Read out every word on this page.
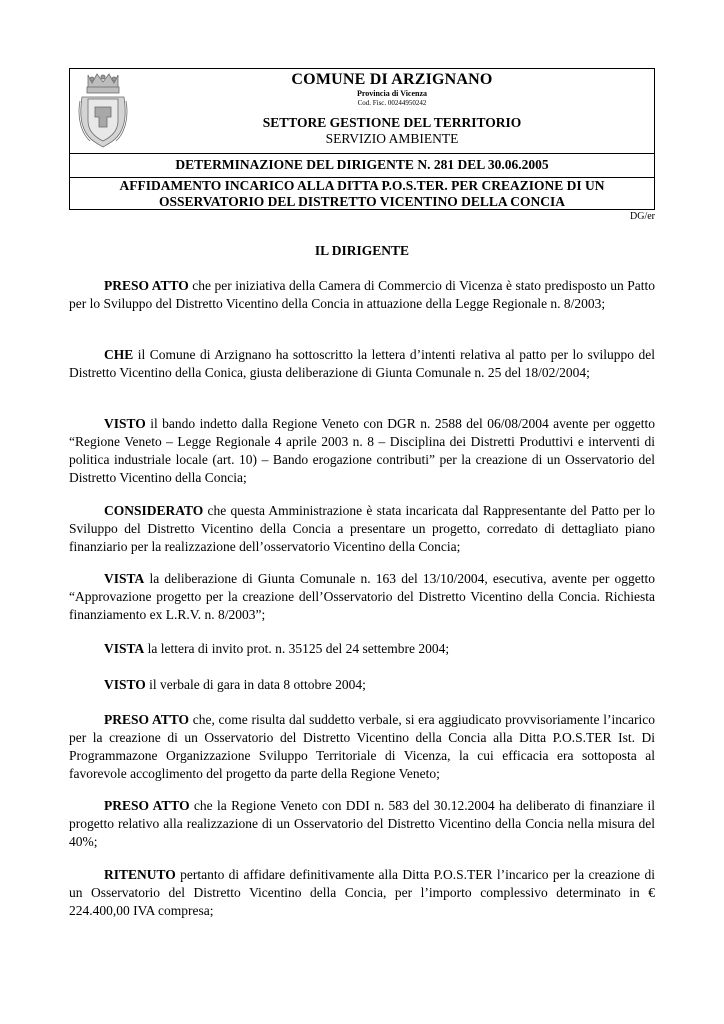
COMUNE DI ARZIGNANO
Provincia di Vicenza
Cod. Fisc. 00244950242
SETTORE GESTIONE DEL TERRITORIO
SERVIZIO AMBIENTE
DETERMINAZIONE DEL DIRIGENTE N. 281 DEL 30.06.2005
AFFIDAMENTO INCARICO ALLA DITTA P.O.S.TER. PER CREAZIONE DI UN
OSSERVATORIO DEL DISTRETTO VICENTINO DELLA CONCIA
DG/er
IL DIRIGENTE

PRESO ATTO che per iniziativa della Camera di Commercio di Vicenza è stato predisposto un Patto per lo Sviluppo del Distretto Vicentino della Concia in attuazione della Legge Regionale n. 8/2003;

CHE il Comune di Arzignano ha sottoscritto la lettera d’intenti relativa al patto per lo sviluppo del Distretto Vicentino della Conica, giusta deliberazione di Giunta Comunale n. 25 del 18/02/2004;

VISTO il bando indetto dalla Regione Veneto con DGR n. 2588 del 06/08/2004 avente per oggetto “Regione Veneto – Legge Regionale 4 aprile 2003 n. 8 – Disciplina dei Distretti Produttivi e interventi di politica industriale locale (art. 10) – Bando erogazione contributi” per la creazione di un Osservatorio del Distretto Vicentino della Concia;

CONSIDERATO che questa Amministrazione è stata incaricata dal Rappresentante del Patto per lo Sviluppo del Distretto Vicentino della Concia a presentare un progetto, corredato di dettagliato piano finanziario per la realizzazione dell’osservatorio Vicentino della Concia;

VISTA la deliberazione di Giunta Comunale n. 163 del 13/10/2004, esecutiva, avente per oggetto “Approvazione progetto per la creazione dell’Osservatorio del Distretto Vicentino della Concia. Richiesta finanziamento ex L.R.V. n. 8/2003”;

VISTA la lettera di invito prot. n. 35125 del 24 settembre 2004;

VISTO il verbale di gara in data 8 ottobre 2004;

PRESO ATTO che, come risulta dal suddetto verbale, si era aggiudicato provvisoriamente l’incarico per la creazione di un Osservatorio del Distretto Vicentino della Concia alla Ditta P.O.S.TER Ist. Di Programmazone Organizzazione Sviluppo Territoriale di Vicenza, la cui efficacia era sottoposta al favorevole accoglimento del progetto da parte della Regione Veneto;

PRESO ATTO che la Regione Veneto con DDI n. 583 del 30.12.2004 ha deliberato di finanziare il progetto relativo alla realizzazione di un Osservatorio del Distretto Vicentino della Concia nella misura del 40%;

RITENUTO pertanto di affidare definitivamente alla Ditta P.O.S.TER l’incarico per la creazione di un Osservatorio del Distretto Vicentino della Concia, per l’importo complessivo determinato in € 224.400,00 IVA compresa;
